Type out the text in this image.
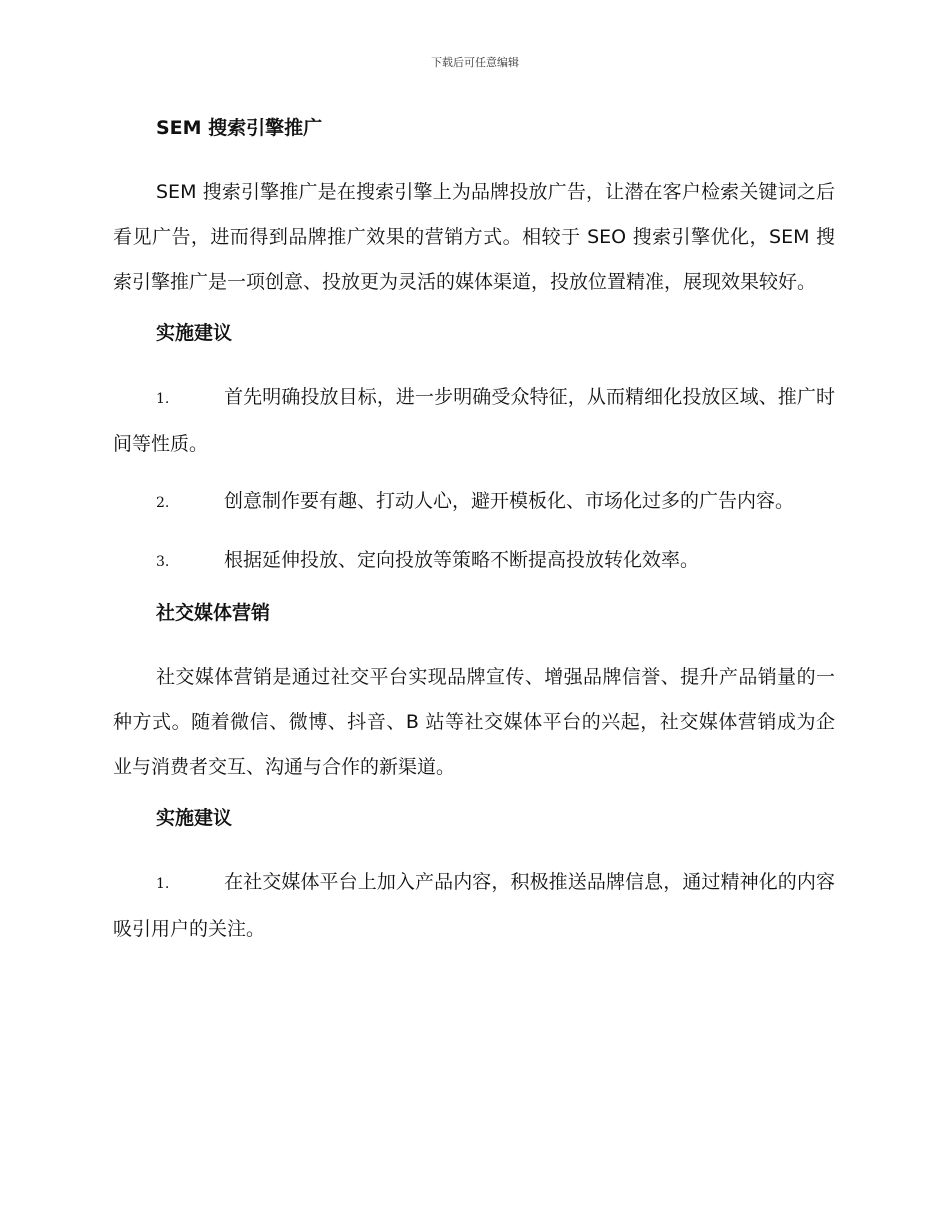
下载后可任意编辑
SEM 搜索引擎推广

SEM 搜索引擎推广是在搜索引擎上为品牌投放广告，让潜在客户检索关键词之后看见广告，进而得到品牌推广效果的营销方式。相较于 SEO 搜索引擎优化，SEM 搜索引擎推广是一项创意、投放更为灵活的媒体渠道，投放位置精准，展现效果较好。

实施建议

1.	首先明确投放目标，进一步明确受众特征，从而精细化投放区域、推广时间等性质。

2.	创意制作要有趣、打动人心，避开模板化、市场化过多的广告内容。

3.	根据延伸投放、定向投放等策略不断提高投放转化效率。

社交媒体营销

社交媒体营销是通过社交平台实现品牌宣传、增强品牌信誉、提升产品销量的一种方式。随着微信、微博、抖音、B 站等社交媒体平台的兴起，社交媒体营销成为企业与消费者交互、沟通与合作的新渠道。

实施建议

1.	在社交媒体平台上加入产品内容，积极推送品牌信息，通过精神化的内容吸引用户的关注。
